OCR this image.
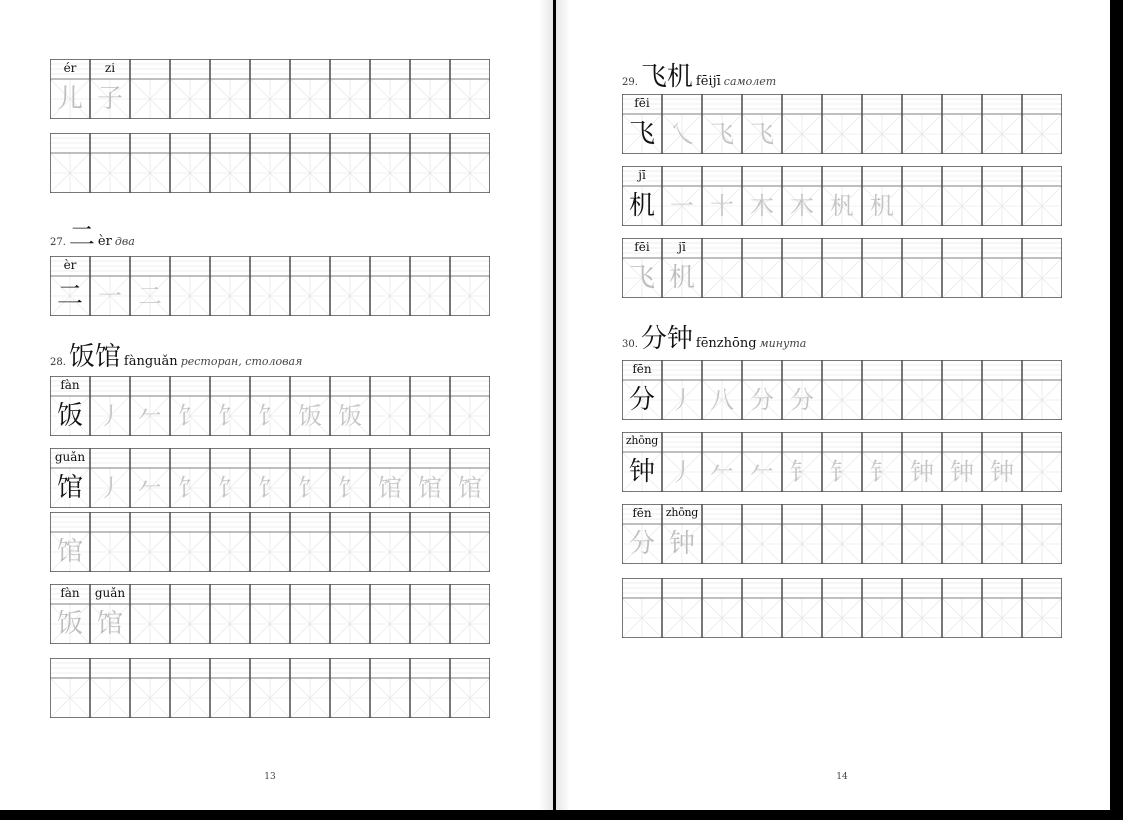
27. 二 èr два
28. 饭馆 fànguǎn ресторан, столовая
ér
儿
zi
子
èr
二 一 二
fàn
饭 丿 𠂉 饣 饣 饣 饭 饭
guǎn
馆 丿 𠂉 饣 饣 饣 饣 饣 馆 馆 馆
馆
fàn
饭
guǎn
馆
13
29. 飞机 fēijī самолет
30. 分钟 fēnzhōng минута
fēi
飞 乀 飞 飞
jī
机 一 十 木 木 杋 机
fēi
飞
jī
机
fēn
分 丿 八 分 分
zhōng
钟 丿 𠂉 𠂉 钅 钅 钅 钟 钟 钟
fēn
分
zhōng
钟
14
